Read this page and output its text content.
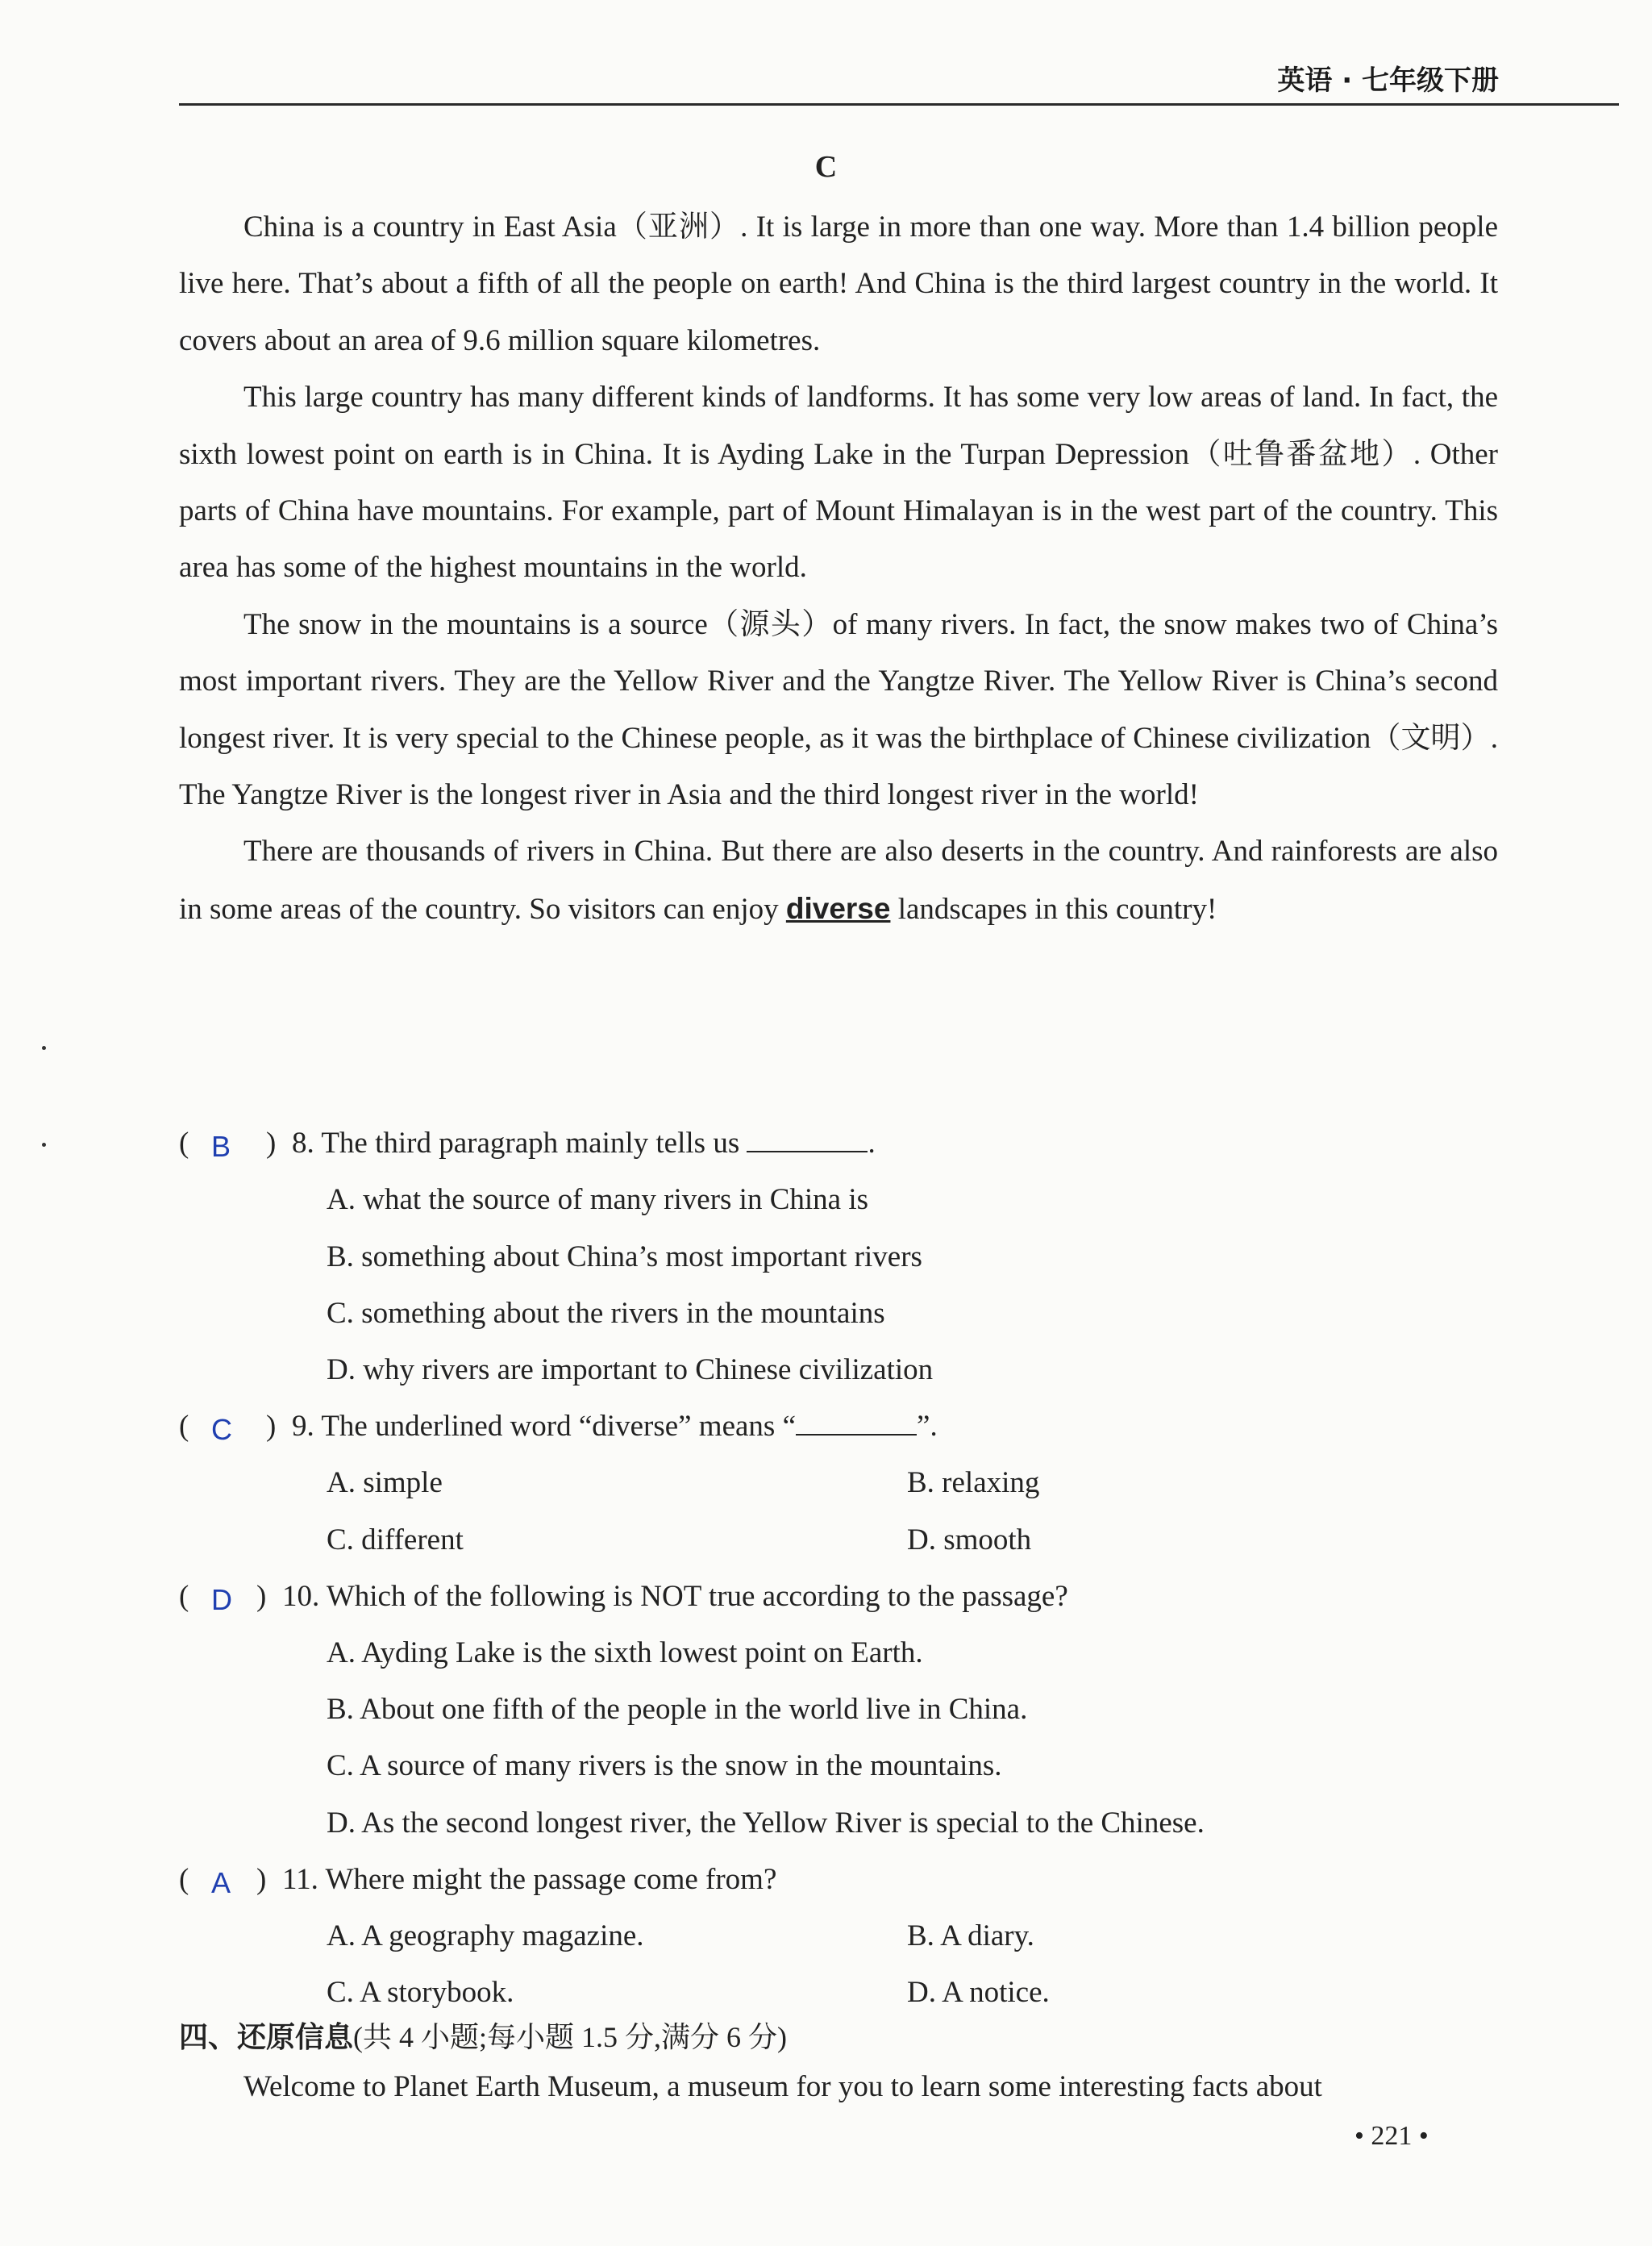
英语 · 七年级下册
C

China is a country in East Asia（亚洲）. It is large in more than one way. More than 1.4 billion people live here. That’s about a fifth of all the people on earth! And China is the third largest country in the world. It covers about an area of 9.6 million square kilometres.

This large country has many different kinds of landforms. It has some very low areas of land. In fact, the sixth lowest point on earth is in China. It is Ayding Lake in the Turpan Depression（吐鲁番盆地）. Other parts of China have mountains. For example, part of Mount Himalayan is in the west part of the country. This area has some of the highest mountains in the world.

The snow in the mountains is a source（源头）of many rivers. In fact, the snow makes two of China’s most important rivers. They are the Yellow River and the Yangtze River. The Yellow River is China’s second longest river. It is very special to the Chinese people, as it was the birthplace of Chinese civilization（文明）. The Yangtze River is the longest river in Asia and the third longest river in the world!

There are thousands of rivers in China. But there are also deserts in the country. And rainforests are also in some areas of the country. So visitors can enjoy diverse landscapes in this country!

( B ) 8. The third paragraph mainly tells us	.
A. what the source of many rivers in China is
B. something about China’s most important rivers
C. something about the rivers in the mountains
D. why rivers are important to Chinese civilization
( C ) 9. The underlined word “diverse” means “	”.
A. simple	B. relaxing
C. different	D. smooth
( D ) 10. Which of the following is NOT true according to the passage?
A. Ayding Lake is the sixth lowest point on Earth.
B. About one fifth of the people in the world live in China.
C. A source of many rivers is the snow in the mountains.
D. As the second longest river, the Yellow River is special to the Chinese.
( A ) 11. Where might the passage come from?
A. A geography magazine.	B. A diary.
C. A storybook.	D. A notice.
四、还原信息(共 4 小题;每小题 1.5 分,满分 6 分)
Welcome to Planet Earth Museum, a museum for you to learn some interesting facts about
• 221 •
